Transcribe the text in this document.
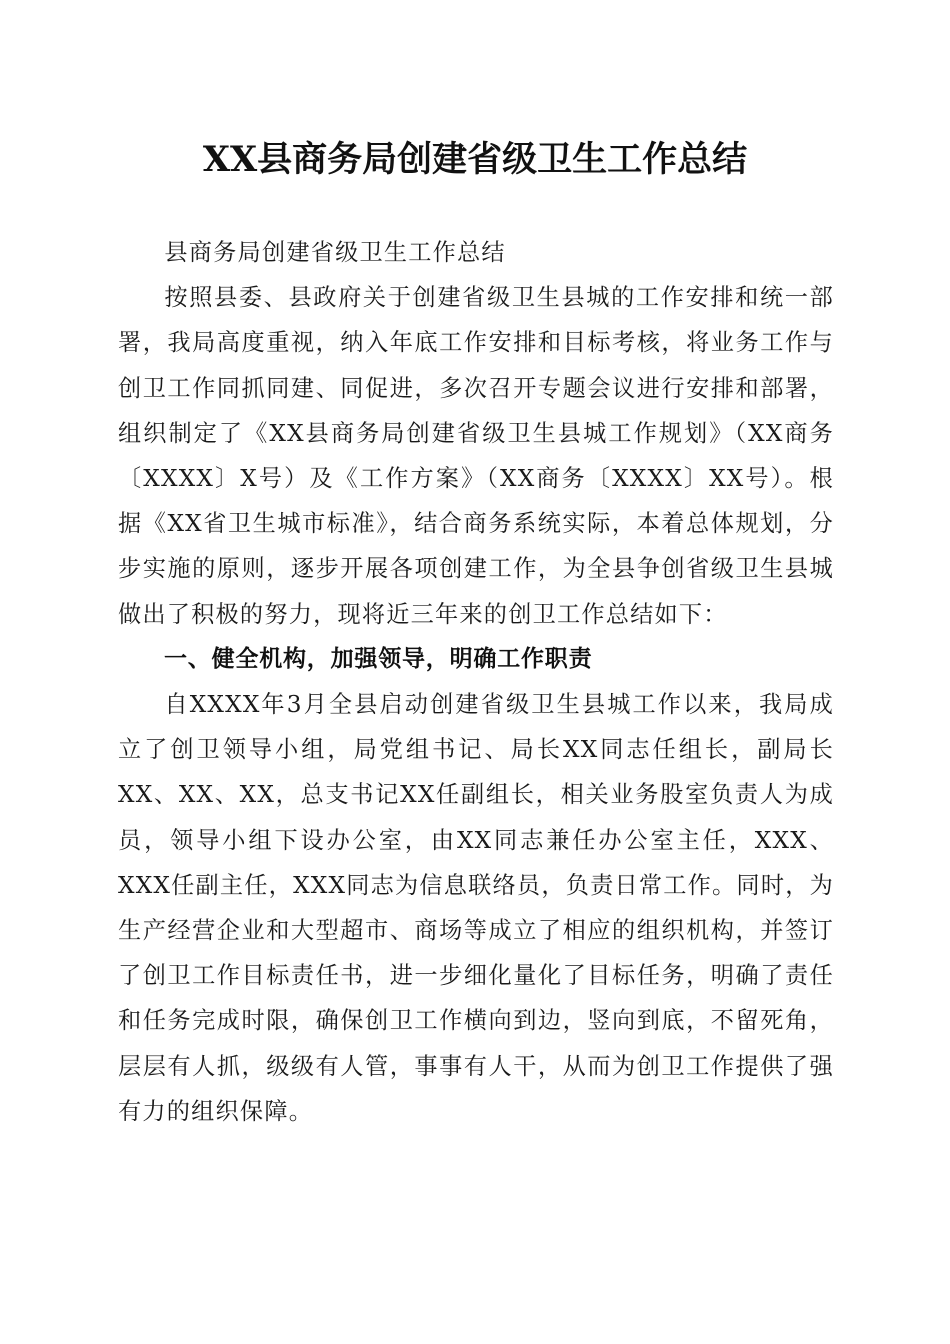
XX县商务局创建省级卫生工作总结

县商务局创建省级卫生工作总结

按照县委、县政府关于创建省级卫生县城的工作安排和统一部署，我局高度重视，纳入年底工作安排和目标考核，将业务工作与创卫工作同抓同建、同促进，多次召开专题会议进行安排和部署，组织制定了《XX县商务局创建省级卫生县城工作规划》（XX商务〔XXXX〕X号）及《工作方案》（XX商务〔XXXX〕XX号）。根据《XX省卫生城市标准》，结合商务系统实际，本着总体规划，分步实施的原则，逐步开展各项创建工作，为全县争创省级卫生县城做出了积极的努力，现将近三年来的创卫工作总结如下：

一、健全机构，加强领导，明确工作职责

自XXXX年3月全县启动创建省级卫生县城工作以来，我局成立了创卫领导小组，局党组书记、局长XX同志任组长，副局长XX、XX、XX，总支书记XX任副组长，相关业务股室负责人为成员，领导小组下设办公室，由XX同志兼任办公室主任，XXX、XXX任副主任，XXX同志为信息联络员，负责日常工作。同时，为生产经营企业和大型超市、商场等成立了相应的组织机构，并签订了创卫工作目标责任书，进一步细化量化了目标任务，明确了责任和任务完成时限，确保创卫工作横向到边，竖向到底，不留死角，层层有人抓，级级有人管，事事有人干，从而为创卫工作提供了强有力的组织保障。
